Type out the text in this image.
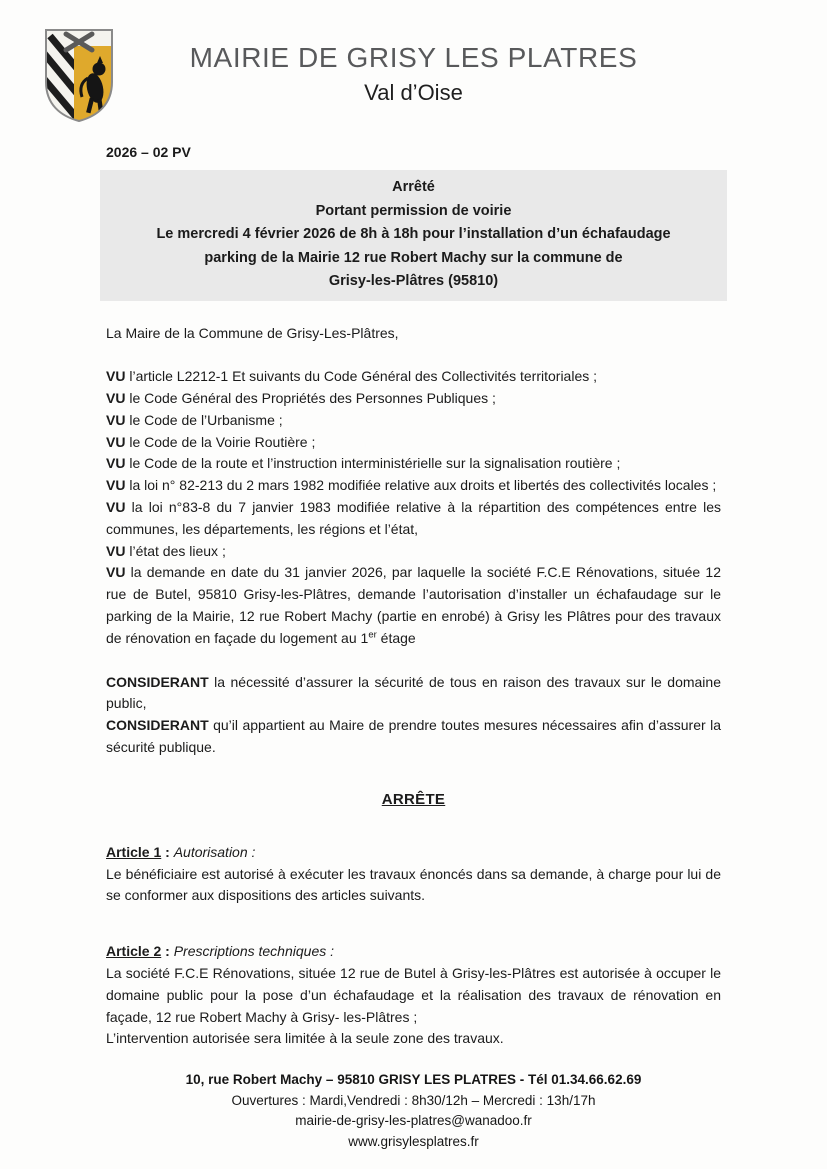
MAIRIE DE GRISY LES PLATRES
Val d’Oise
2026 – 02 PV
Arrêté
Portant permission de voirie
Le mercredi 4 février 2026 de 8h à 18h pour l’installation d’un échafaudage
parking de la Mairie 12 rue Robert Machy sur la commune de
Grisy-les-Plâtres (95810)

La Maire de la Commune de Grisy-Les-Plâtres,

VU l’article L2212-1 Et suivants du Code Général des Collectivités territoriales ;

VU le Code Général des Propriétés des Personnes Publiques ;

VU le Code de l’Urbanisme ;

VU le Code de la Voirie Routière ;

VU le Code de la route et l’instruction interministérielle sur la signalisation routière ;

VU la loi n° 82-213 du 2 mars 1982 modifiée relative aux droits et libertés des collectivités locales ;

VU la loi n°83-8 du 7 janvier 1983 modifiée relative à la répartition des compétences entre les communes, les départements, les régions et l’état,

VU l’état des lieux ;

VU la demande en date du 31 janvier 2026, par laquelle la société F.C.E Rénovations, située 12 rue de Butel, 95810 Grisy-les-Plâtres, demande l’autorisation d’installer un échafaudage sur le parking de la Mairie, 12 rue Robert Machy (partie en enrobé) à Grisy les Plâtres pour des travaux de rénovation en façade du logement au 1er étage

CONSIDERANT la nécessité d’assurer la sécurité de tous en raison des travaux sur le domaine public,

CONSIDERANT qu’il appartient au Maire de prendre toutes mesures nécessaires afin d’assurer la sécurité publique.

ARRÊTE

Article 1 : Autorisation :

Le bénéficiaire est autorisé à exécuter les travaux énoncés dans sa demande, à charge pour lui de se conformer aux dispositions des articles suivants.

Article 2 : Prescriptions techniques :

La société F.C.E Rénovations, située 12 rue de Butel à Grisy-les-Plâtres est autorisée à occuper le domaine public pour la pose d’un échafaudage et la réalisation des travaux de rénovation en façade, 12 rue Robert Machy à Grisy- les-Plâtres ;

L’intervention autorisée sera limitée à la seule zone des travaux.

10, rue Robert Machy – 95810 GRISY LES PLATRES - Tél 01.34.66.62.69
Ouvertures : Mardi,Vendredi : 8h30/12h – Mercredi : 13h/17h
mairie-de-grisy-les-platres@wanadoo.fr
www.grisylesplatres.fr
